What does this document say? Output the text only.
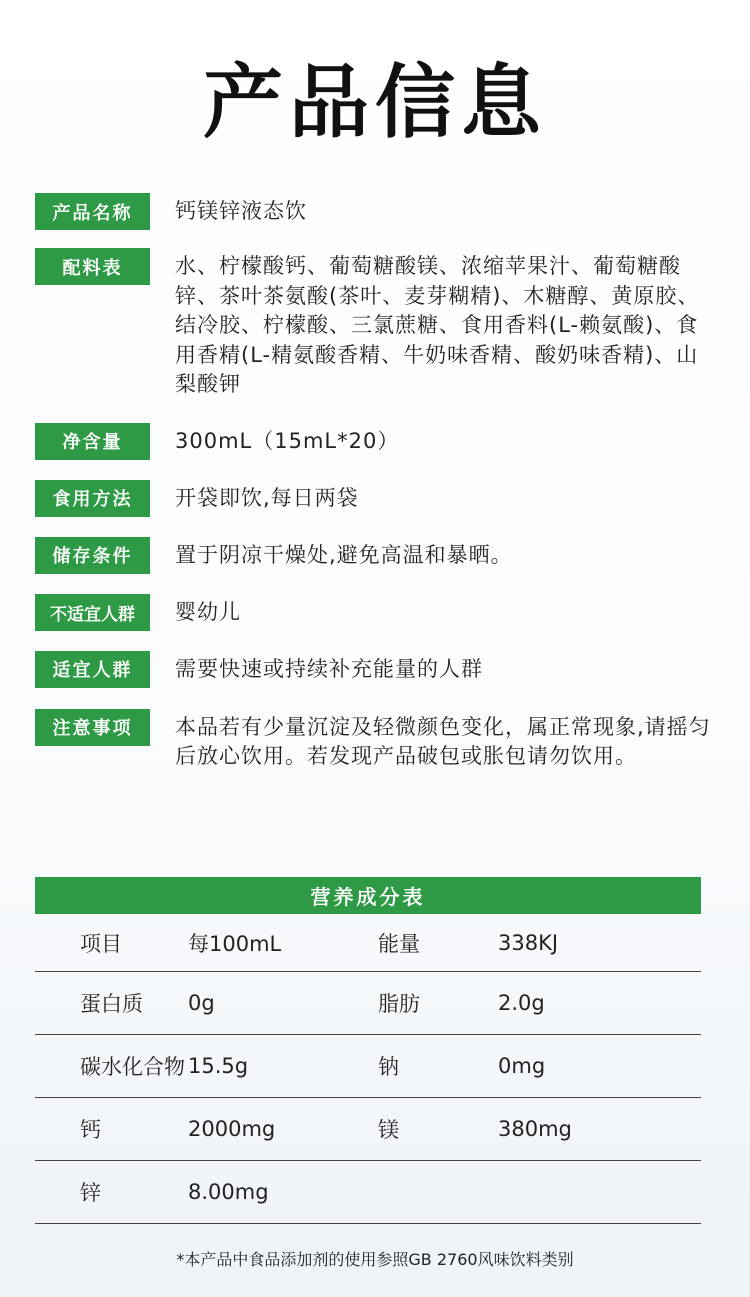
产品信息
产品名称	钙镁锌液态饮
配料表	水、柠檬酸钙、葡萄糖酸镁、浓缩苹果汁、葡萄糖酸锌、茶叶茶氨酸(茶叶、麦芽糊精)、木糖醇、黄原胶、结冷胶、柠檬酸、三氯蔗糖、食用香料(L-赖氨酸)、食用香精(L-精氨酸香精、牛奶味香精、酸奶味香精)、山梨酸钾
净含量	300mL（15mL*20）
食用方法	开袋即饮,每日两袋
储存条件	置于阴凉干燥处,避免高温和暴晒。
不适宜人群	婴幼儿
适宜人群	需要快速或持续补充能量的人群
注意事项	本品若有少量沉淀及轻微颜色变化，属正常现象,请摇匀后放心饮用。若发现产品破包或胀包请勿饮用。
营养成分表
项目	每100mL	能量	338KJ
蛋白质	0g	脂肪	2.0g
碳水化合物 15.5g	钠	0mg
钙	2000mg	镁	380mg
锌	8.00mg
*本产品中食品添加剂的使用参照GB 2760风味饮料类别
